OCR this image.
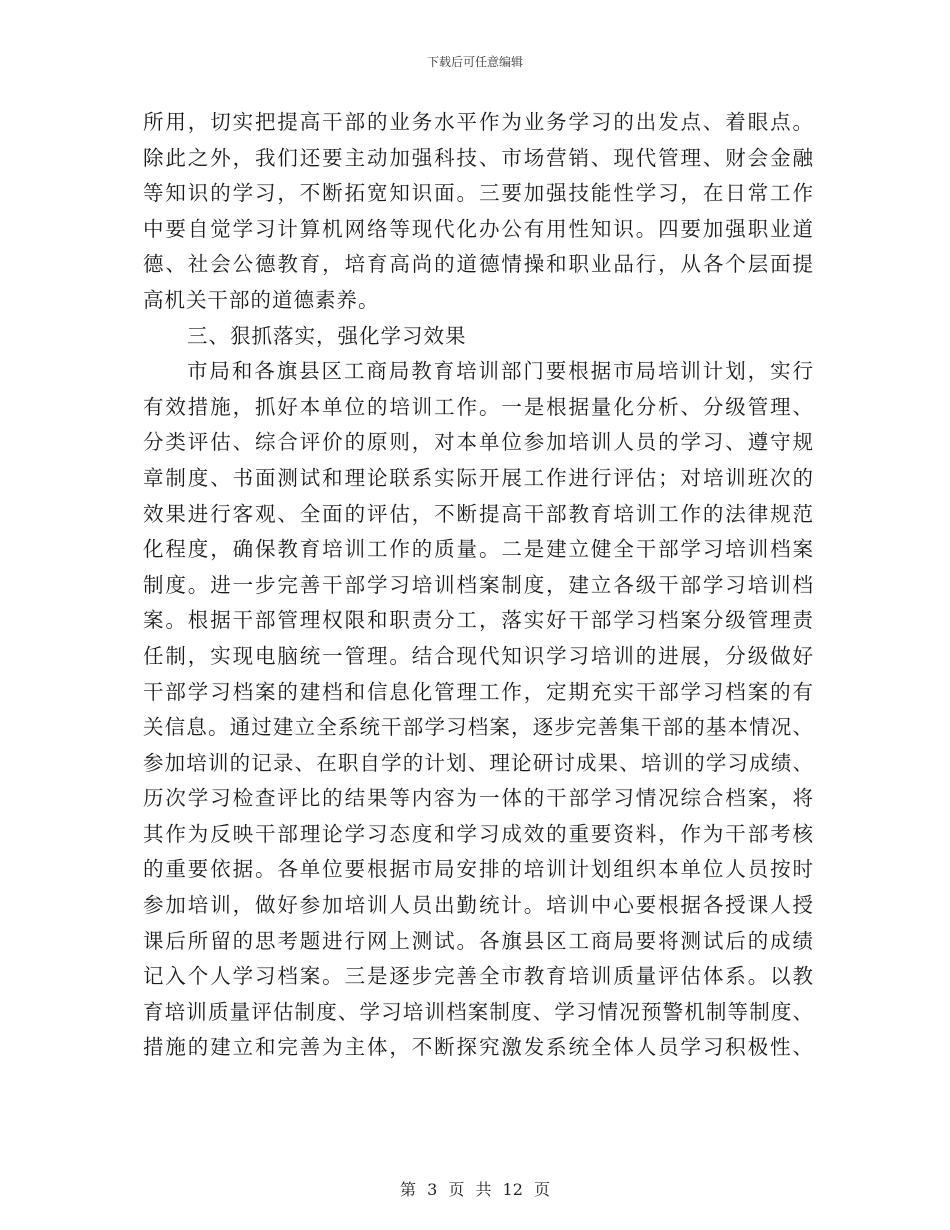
下载后可任意编辑
所用，切实把提高干部的业务水平作为业务学习的出发点、着眼点。
除此之外，我们还要主动加强科技、市场营销、现代管理、财会金融
等知识的学习，不断拓宽知识面。三要加强技能性学习，在日常工作
中要自觉学习计算机网络等现代化办公有用性知识。四要加强职业道
德、社会公德教育，培育高尚的道德情操和职业品行，从各个层面提
高机关干部的道德素养。
三、狠抓落实，强化学习效果
市局和各旗县区工商局教育培训部门要根据市局培训计划，实行
有效措施，抓好本单位的培训工作。一是根据量化分析、分级管理、
分类评估、综合评价的原则，对本单位参加培训人员的学习、遵守规
章制度、书面测试和理论联系实际开展工作进行评估；对培训班次的
效果进行客观、全面的评估，不断提高干部教育培训工作的法律规范
化程度，确保教育培训工作的质量。二是建立健全干部学习培训档案
制度。进一步完善干部学习培训档案制度，建立各级干部学习培训档
案。根据干部管理权限和职责分工，落实好干部学习档案分级管理责
任制，实现电脑统一管理。结合现代知识学习培训的进展，分级做好
干部学习档案的建档和信息化管理工作，定期充实干部学习档案的有
关信息。通过建立全系统干部学习档案，逐步完善集干部的基本情况、
参加培训的记录、在职自学的计划、理论研讨成果、培训的学习成绩、
历次学习检查评比的结果等内容为一体的干部学习情况综合档案，将
其作为反映干部理论学习态度和学习成效的重要资料，作为干部考核
的重要依据。各单位要根据市局安排的培训计划组织本单位人员按时
参加培训，做好参加培训人员出勤统计。培训中心要根据各授课人授
课后所留的思考题进行网上测试。各旗县区工商局要将测试后的成绩
记入个人学习档案。三是逐步完善全市教育培训质量评估体系。以教
育培训质量评估制度、学习培训档案制度、学习情况预警机制等制度、
措施的建立和完善为主体，不断探究激发系统全体人员学习积极性、
第 3 页 共 12 页
